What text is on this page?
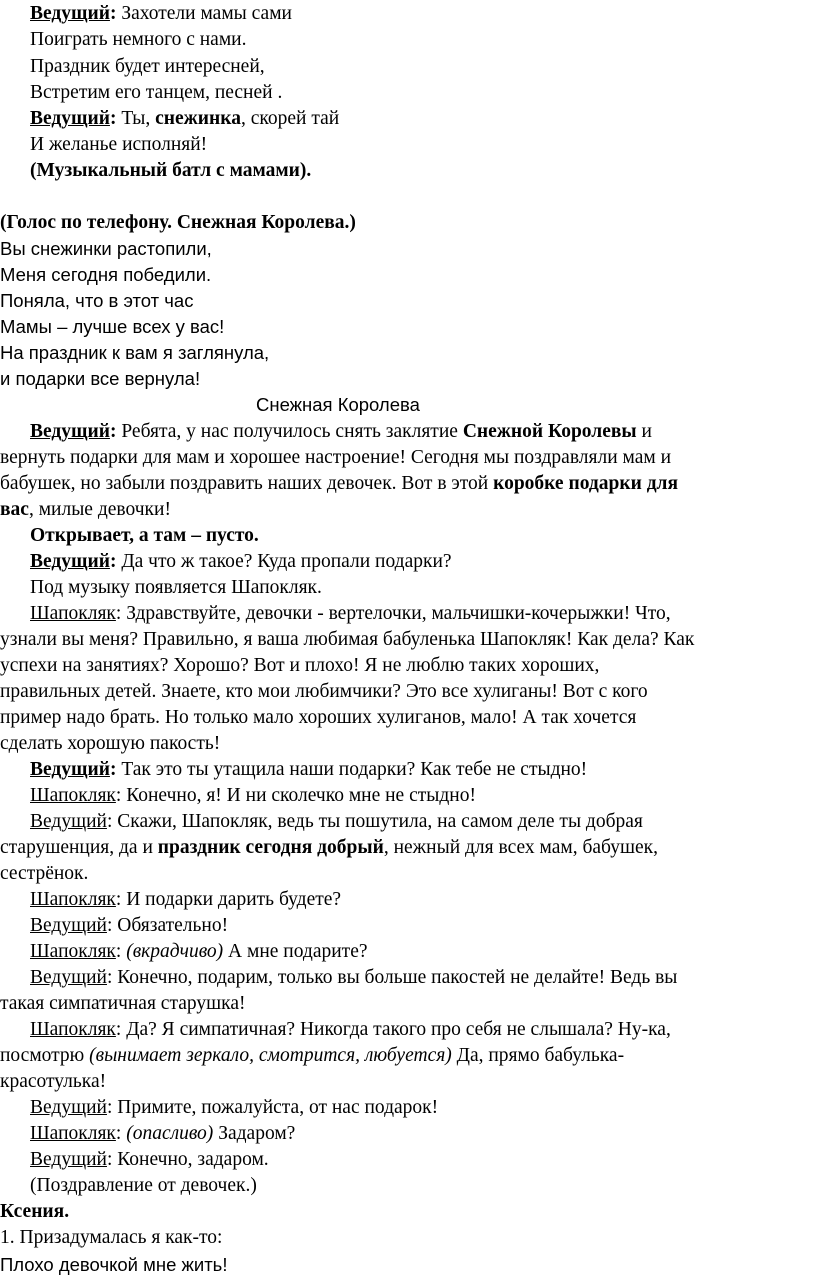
Ведущий: Захотели мамы сами
Поиграть немного с нами.
Праздник будет интересней,
Встретим его танцем, песней .
Ведущий: Ты, снежинка, скорей тай
И желанье исполняй!
(Музыкальный батл с мамами).
(Голос по телефону. Снежная Королева.)
Вы снежинки растопили,
Меня сегодня победили.
Поняла, что в этот час
Мамы – лучше всех у вас!
На праздник к вам я заглянула,
и подарки все вернула!
Снежная Королева
Ведущий: Ребята, у нас получилось снять заклятие Снежной Королевы и
вернуть подарки для мам и хорошее настроение! Сегодня мы поздравляли мам и
бабушек, но забыли поздравить наших девочек. Вот в этой коробке подарки для
вас, милые девочки!
Открывает, а там – пусто.
Ведущий: Да что ж такое? Куда пропали подарки?
Под музыку появляется Шапокляк.
Шапокляк: Здравствуйте, девочки - вертелочки, мальчишки-кочерыжки! Что,
узнали вы меня? Правильно, я ваша любимая бабуленька Шапокляк! Как дела? Как
успехи на занятиях? Хорошо? Вот и плохо! Я не люблю таких хороших,
правильных детей. Знаете, кто мои любимчики? Это все хулиганы! Вот с кого
пример надо брать. Но только мало хороших хулиганов, мало! А так хочется
сделать хорошую пакость!
Ведущий: Так это ты утащила наши подарки? Как тебе не стыдно!
Шапокляк: Конечно, я! И ни сколечко мне не стыдно!
Ведущий: Скажи, Шапокляк, ведь ты пошутила, на самом деле ты добрая
старушенция, да и праздник сегодня добрый, нежный для всех мам, бабушек,
сестрёнок.
Шапокляк: И подарки дарить будете?
Ведущий: Обязательно!
Шапокляк: (вкрадчиво) А мне подарите?
Ведущий: Конечно, подарим, только вы больше пакостей не делайте! Ведь вы
такая симпатичная старушка!
Шапокляк: Да? Я симпатичная? Никогда такого про себя не слышала? Ну-ка,
посмотрю (вынимает зеркало, смотрится, любуется) Да, прямо бабулька-
красотулька!
Ведущий: Примите, пожалуйста, от нас подарок!
Шапокляк: (опасливо) Задаром?
Ведущий: Конечно, задаром.
(Поздравление от девочек.)
Ксения.
1. Призадумалась я как-то:
Плохо девочкой мне жить!
